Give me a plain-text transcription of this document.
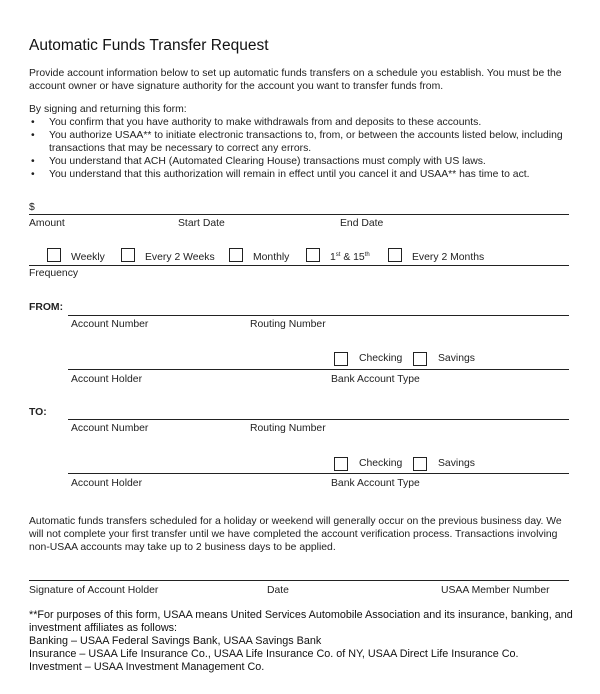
Automatic Funds Transfer Request
Provide account information below to set up automatic funds transfers on a schedule you establish. You must be the account owner or have signature authority for the account you want to transfer funds from.
By signing and returning this form:
• You confirm that you have authority to make withdrawals from and deposits to these accounts.
• You authorize USAA** to initiate electronic transactions to, from, or between the accounts listed below, including transactions that may be necessary to correct any errors.
• You understand that ACH (Automated Clearing House) transactions must comply with US laws.
• You understand that this authorization will remain in effect until you cancel it and USAA** has time to act.
$
Amount	Start Date	End Date
Weekly	Every 2 Weeks	Monthly	1st & 15th	Every 2 Months
Frequency
FROM:
Account Number	Routing Number
Checking	Savings
Account Holder	Bank Account Type
TO:
Account Number	Routing Number
Checking	Savings
Account Holder	Bank Account Type
Automatic funds transfers scheduled for a holiday or weekend will generally occur on the previous business day. We will not complete your first transfer until we have completed the account verification process. Transactions involving non-USAA accounts may take up to 2 business days to be applied.
Signature of Account Holder	Date	USAA Member Number
**For purposes of this form, USAA means United Services Automobile Association and its insurance, banking, and investment affiliates as follows:
Banking – USAA Federal Savings Bank, USAA Savings Bank
Insurance – USAA Life Insurance Co., USAA Life Insurance Co. of NY, USAA Direct Life Insurance Co.
Investment – USAA Investment Management Co.
